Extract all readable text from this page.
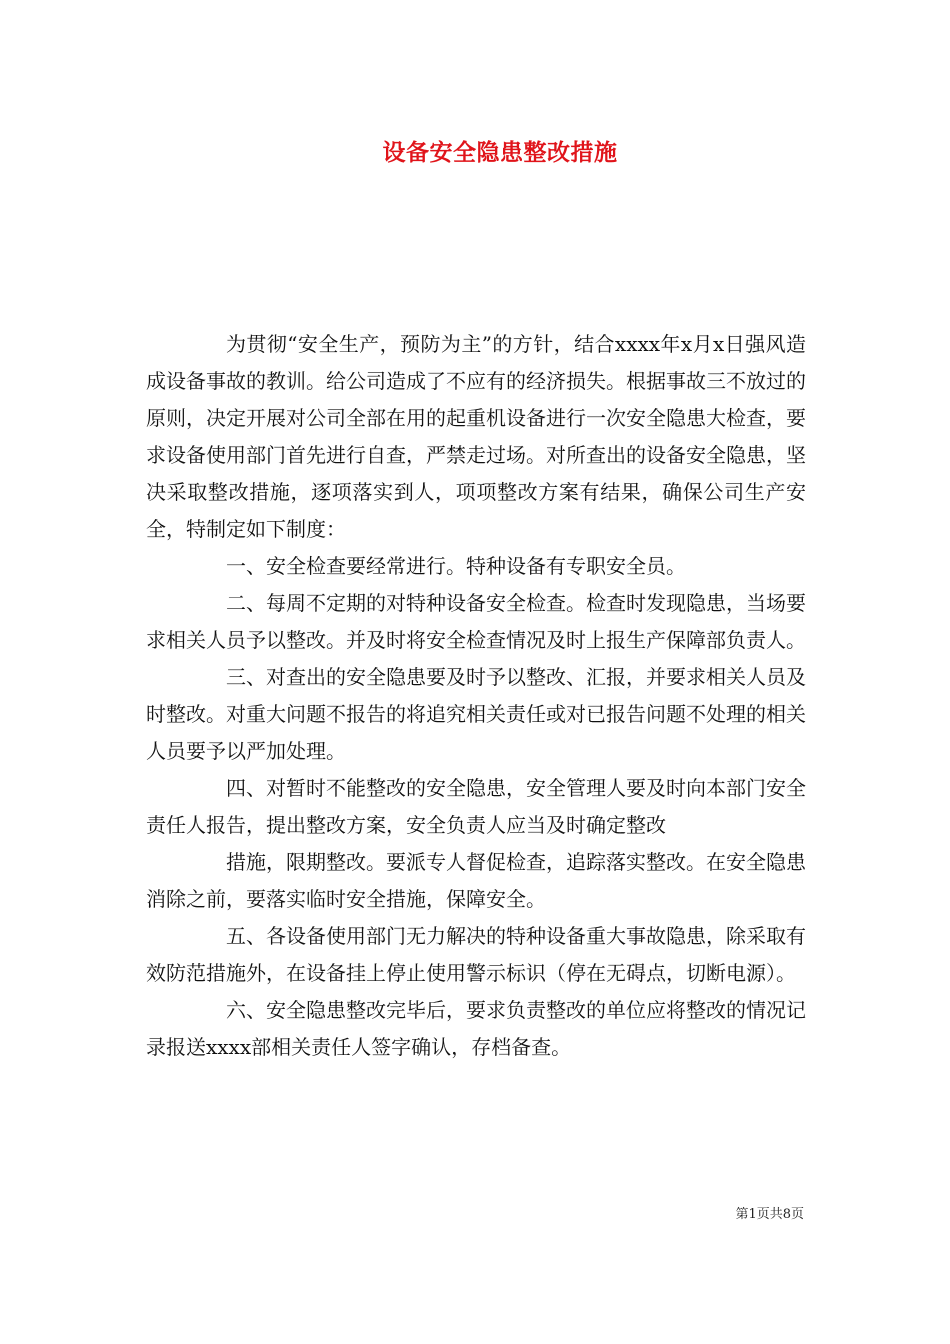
设备安全隐患整改措施

为贯彻“安全生产，预防为主”的方针，结合xxxx年x月x日强风造成设备事故的教训。给公司造成了不应有的经济损失。根据事故三不放过的原则，决定开展对公司全部在用的起重机设备进行一次安全隐患大检查，要求设备使用部门首先进行自查，严禁走过场。对所查出的设备安全隐患，坚决采取整改措施，逐项落实到人，项项整改方案有结果，确保公司生产安全，特制定如下制度：

一、安全检查要经常进行。特种设备有专职安全员。

二、每周不定期的对特种设备安全检查。检查时发现隐患，当场要求相关人员予以整改。并及时将安全检查情况及时上报生产保障部负责人。

三、对查出的安全隐患要及时予以整改、汇报，并要求相关人员及时整改。对重大问题不报告的将追究相关责任或对已报告问题不处理的相关人员要予以严加处理。

四、对暂时不能整改的安全隐患，安全管理人要及时向本部门安全责任人报告，提出整改方案，安全负责人应当及时确定整改

措施，限期整改。要派专人督促检查，追踪落实整改。在安全隐患消除之前，要落实临时安全措施，保障安全。

五、各设备使用部门无力解决的特种设备重大事故隐患，除采取有效防范措施外，在设备挂上停止使用警示标识（停在无碍点，切断电源）。

六、安全隐患整改完毕后，要求负责整改的单位应将整改的情况记录报送xxxx部相关责任人签字确认，存档备查。

第1页共8页
